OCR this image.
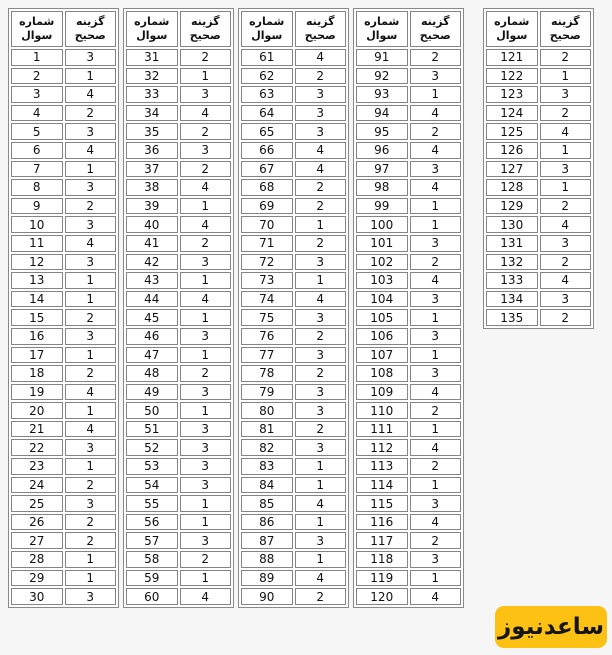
شماره سوال	گزینه صحیح
1	3
2	1
3	4
4	2
5	3
6	4
7	1
8	3
9	2
10	3
11	4
12	3
13	1
14	1
15	2
16	3
17	1
18	2
19	4
20	1
21	4
22	3
23	1
24	2
25	3
26	2
27	2
28	1
29	1
30	3
شماره سوال	گزینه صحیح
31	2
32	1
33	3
34	4
35	2
36	3
37	2
38	4
39	1
40	4
41	2
42	3
43	1
44	4
45	1
46	3
47	1
48	2
49	3
50	1
51	3
52	3
53	3
54	3
55	1
56	1
57	3
58	2
59	1
60	4
شماره سوال	گزینه صحیح
61	4
62	2
63	3
64	3
65	3
66	4
67	4
68	2
69	2
70	1
71	2
72	3
73	1
74	4
75	3
76	2
77	3
78	2
79	3
80	3
81	2
82	3
83	1
84	1
85	4
86	1
87	3
88	1
89	4
90	2
شماره سوال	گزینه صحیح
91	2
92	3
93	1
94	4
95	2
96	4
97	3
98	4
99	1
100	1
101	3
102	2
103	4
104	3
105	1
106	3
107	1
108	3
109	4
110	2
111	1
112	4
113	2
114	1
115	3
116	4
117	2
118	3
119	1
120	4
شماره سوال	گزینه صحیح
121	2
122	1
123	3
124	2
125	4
126	1
127	3
128	1
129	2
130	4
131	3
132	2
133	4
134	3
135	2
ساعدنیوز
